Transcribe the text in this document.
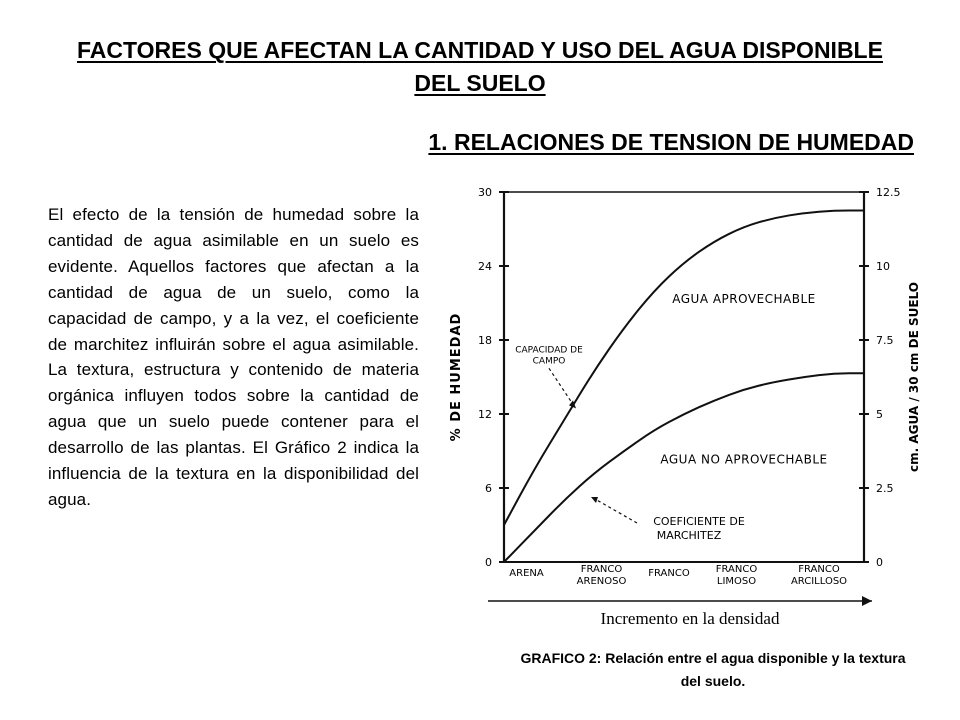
FACTORES QUE AFECTAN LA CANTIDAD Y USO DEL AGUA DISPONIBLE DEL SUELO
1. RELACIONES DE TENSION DE HUMEDAD
El efecto de la tensión de humedad sobre la cantidad de agua asimilable en un suelo es evidente. Aquellos factores que afectan a la cantidad de agua de un suelo, como la capacidad de campo, y a la vez, el coeficiente de marchitez influirán sobre el agua asimilable. La textura, estructura y contenido de materia orgánica influyen todos sobre la cantidad de agua que un suelo puede contener para el desarrollo de las plantas. El Gráfico 2 indica la influencia de la textura en la disponibilidad del agua.
0	0
6	2.5
12	5
18	7.5
24	10
30	12.5
% DE HUMEDAD	cm. AGUA / 30 cm DE SUELO
Incremento en la densidad
ARENA	FRANCO
ARENOSO
FRANCO	FRANCO
LIMOSO
FRANCO
ARCILLOSO
AGUA APROVECHABLE
AGUA NO APROVECHABLE
CAPACIDAD DE
CAMPO
COEFICIENTE DE
MARCHITEZ
GRAFICO 2: Relación entre el agua disponible y la textura del suelo.
